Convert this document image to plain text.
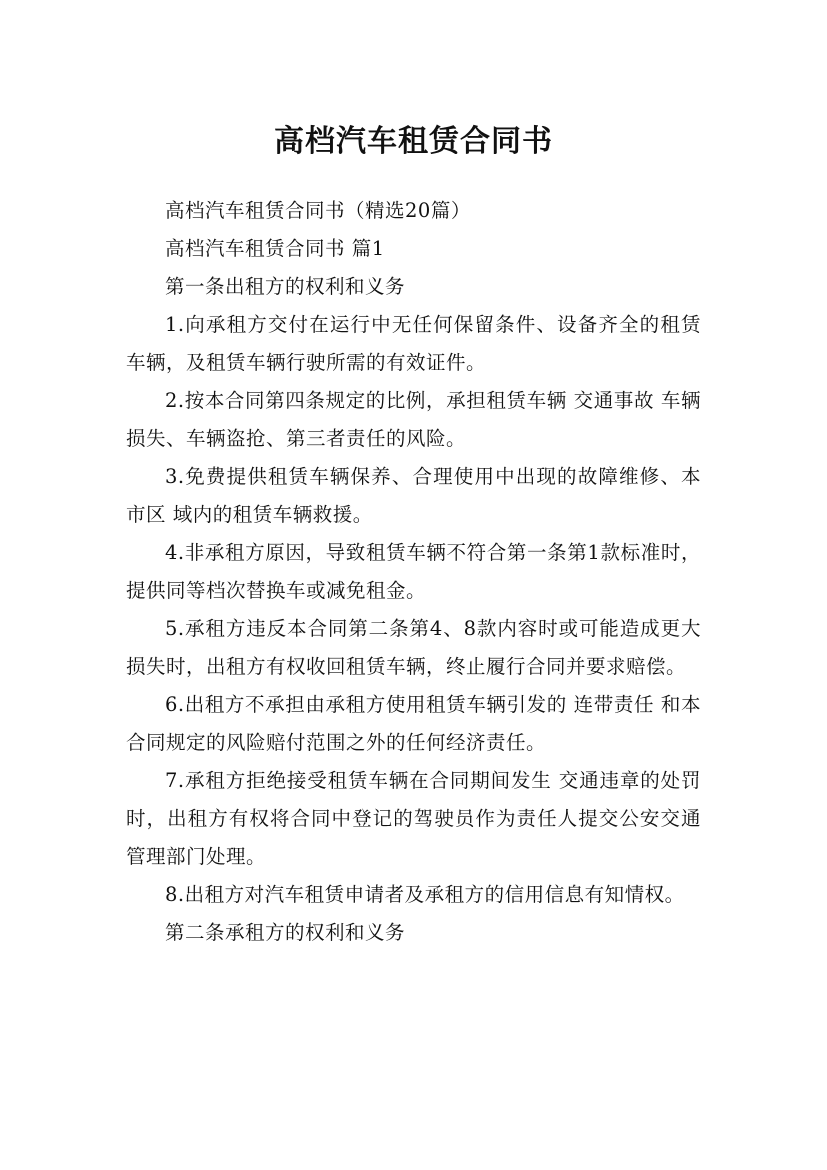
高档汽车租赁合同书

高档汽车租赁合同书（精选20篇）

高档汽车租赁合同书 篇1

第一条出租方的权利和义务

1.向承租方交付在运行中无任何保留条件、设备齐全的租赁车辆，及租赁车辆行驶所需的有效证件。

2.按本合同第四条规定的比例，承担租赁车辆 交通事故 车辆损失、车辆盗抢、第三者责任的风险。

3.免费提供租赁车辆保养、合理使用中出现的故障维修、本 市区 域内的租赁车辆救援。

4.非承租方原因，导致租赁车辆不符合第一条第1款标准时，提供同等档次替换车或减免租金。

5.承租方违反本合同第二条第4、8款内容时或可能造成更大损失时，出租方有权收回租赁车辆，终止履行合同并要求赔偿。

6.出租方不承担由承租方使用租赁车辆引发的 连带责任 和本合同规定的风险赔付范围之外的任何经济责任。

7.承租方拒绝接受租赁车辆在合同期间发生 交通违章的处罚时，出租方有权将合同中登记的驾驶员作为责任人提交公安交通管理部门处理。

8.出租方对汽车租赁申请者及承租方的信用信息有知情权。

第二条承租方的权利和义务
